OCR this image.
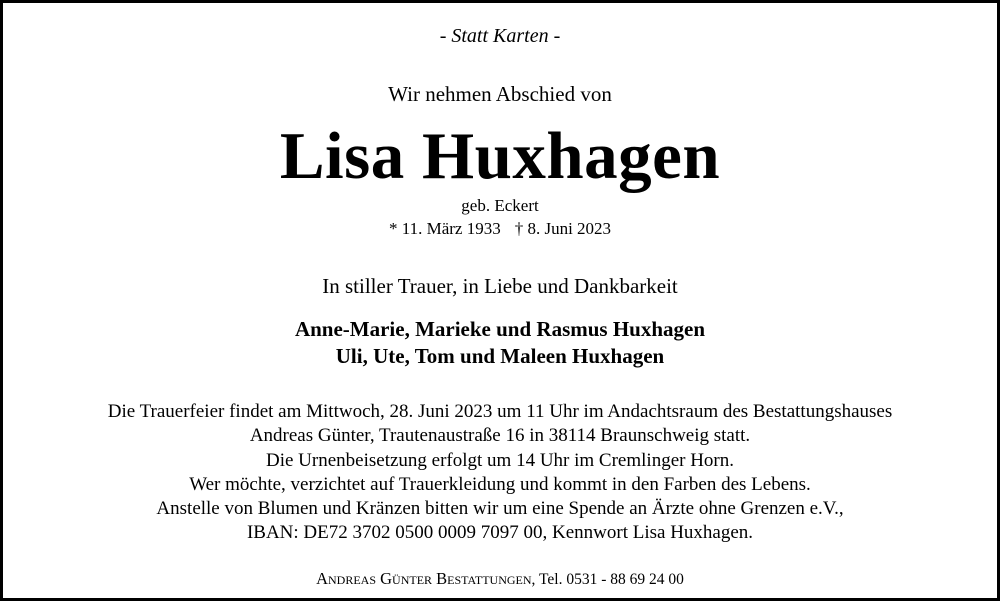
- Statt Karten -

Wir nehmen Abschied von

Lisa Huxhagen

geb. Eckert

* 11. März 1933 † 8. Juni 2023

In stiller Trauer, in Liebe und Dankbarkeit

Anne-Marie, Marieke und Rasmus Huxhagen

Uli, Ute, Tom und Maleen Huxhagen

Die Trauerfeier findet am Mittwoch, 28. Juni 2023 um 11 Uhr im Andachtsraum des Bestattungshauses
Andreas Günter, Trautenaustraße 16 in 38114 Braunschweig statt.
Die Urnenbeisetzung erfolgt um 14 Uhr im Cremlinger Horn.
Wer möchte, verzichtet auf Trauerkleidung und kommt in den Farben des Lebens.
Anstelle von Blumen und Kränzen bitten wir um eine Spende an Ärzte ohne Grenzen e.V.,
IBAN: DE72 3702 0500 0009 7097 00, Kennwort Lisa Huxhagen.

Andreas Günter Bestattungen, Tel. 0531 - 88 69 24 00
